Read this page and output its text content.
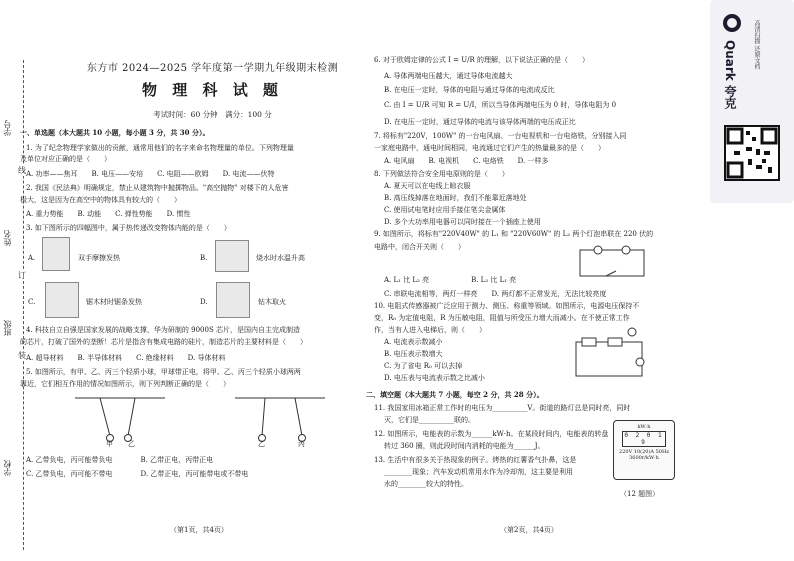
学号
姓名
班级
学校
线
订
装
东方市 2024—2025 学年度第一学期九年级期末检测
物 理 科 试 题
考试时间：60 分钟　满分：100 分
一、单选题（本大题共 10 小题，每小题 3 分，共 30 分）。
1. 为了纪念物理学家做出的贡献，通常用他们的名字来命名物理量的单位。下列物理量
及单位对应正确的是（　　）
A. 功率——焦耳　　B. 电压——安培　　C. 电阻——欧姆　　D. 电流——伏特
2. 我国《民法典》明确规定，禁止从建筑物中抛掷物品。"高空抛物" 对楼下的人危害
极大，这是因为在高空中的物体具有较大的（　　）
A. 重力势能　　B. 动能　　C. 弹性势能　　D. 惯性
3. 如下图所示的四幅图中，属于热传递改变物体内能的是（　　）
A.	双手摩擦发热	B.	烧水时水温升高
C.	锯木材时锯条发热	D.	钻木取火
4. 科技自立自强是国家发展的战略支撑，华为研制的 9000S 芯片，是国内自主完成制造
的芯片，打破了国外的垄断！芯片是指含有集成电路的硅片，制造芯片的主要材料是（　　）
A. 超导材料　　B. 半导体材料　　C. 绝缘材料　　D. 导体材料
5. 如图所示，有甲、乙、丙三个轻质小球，甲球带正电，将甲、乙、丙三个轻质小球两两
靠近，它们相互作用的情况如图所示，则下列判断正确的是（　　）
甲 乙	乙	丙
A. 乙带负电，丙可能带负电　　　　B. 乙带正电，丙带正电
C. 乙带负电，丙可能不带电　　　　D. 乙带正电，丙可能带电或不带电
（第1页，共4页）
6. 对于欧姆定律的公式 I = U/R 的理解，以下说法正确的是（　　）
A. 导体两端电压越大，通过导体电流越大
B. 在电压一定时，导体的电阻与通过导体的电流成反比
C. 由 I = U/R 可知 R = U/I，所以当导体两端电压为 0 时，导体电阻为 0
D. 在电压一定时，通过导体的电流与该导体两端的电压成正比
7. 将标有"220V，100W" 的一台电风扇、一台电视机和一台电烙铁，分别接入同
一家庭电路中，通电时间相同，电流通过它们产生的热量最多的是（　　）
A. 电风扇　　B. 电视机　　C. 电烙铁　　D. 一样多
8. 下列做法符合安全用电原则的是（　　）
A. 夏天可以在电线上晾衣服
B. 高压线掉落在地面时，我们不能靠近落地处
C. 使用试电笔时应用手接住笔尖金属体
D. 多个大功率用电器可以同时接在一个插座上使用
9. 如图所示，将标有"220V40W" 的 L₁ 和 "220V60W" 的 L₂ 两个灯泡串联在 220 伏的
电路中，闭合开关则（　　）
A. L₁ 比 L₂ 亮　　　　　　B. L₂ 比 L₁ 亮
C. 串联电流相等，两灯一样亮　　D. 两灯都不正常发光，无法比较亮度
10. 电阻式传感器被广泛应用于测力、测压、称重等领域。如图所示，电源电压保持不
变，R₀ 为定值电阻，R 为压敏电阻，阻值与所受压力增大而减小。在不使正常工作
作，当有人进入电梯后，则（　　）
A. 电流表示数减小
B. 电压表示数增大
C. 为了省电 R₀ 可以去掉
D. 电压表与电流表示数之比减小
二、填空题（本大题共 7 小题，每空 2 分，共 28 分）。
11. 我国家用冰箱正常工作时的电压为__________V。街道的路灯总是同时亮，同时
灭，它们是__________联的。
12. 如图所示，电能表的示数为______kW·h。在某段时间内，电能表的转盘
转过 360 圈，则此段时间内消耗的电能为______J。
13. 生活中有很多关于热现象的例子。烤热的红薯香气扑鼻，这是
________现象；汽车发动机常用水作为冷却剂，这主要是利用
水的________较大的特性。
（12 题图）
（第2页，共4页）
kW·h
0 2 0 1 9
220V 10(20)A 50Hz
3600r/kW·h
Quark 夸克	高清扫描 还原文档
